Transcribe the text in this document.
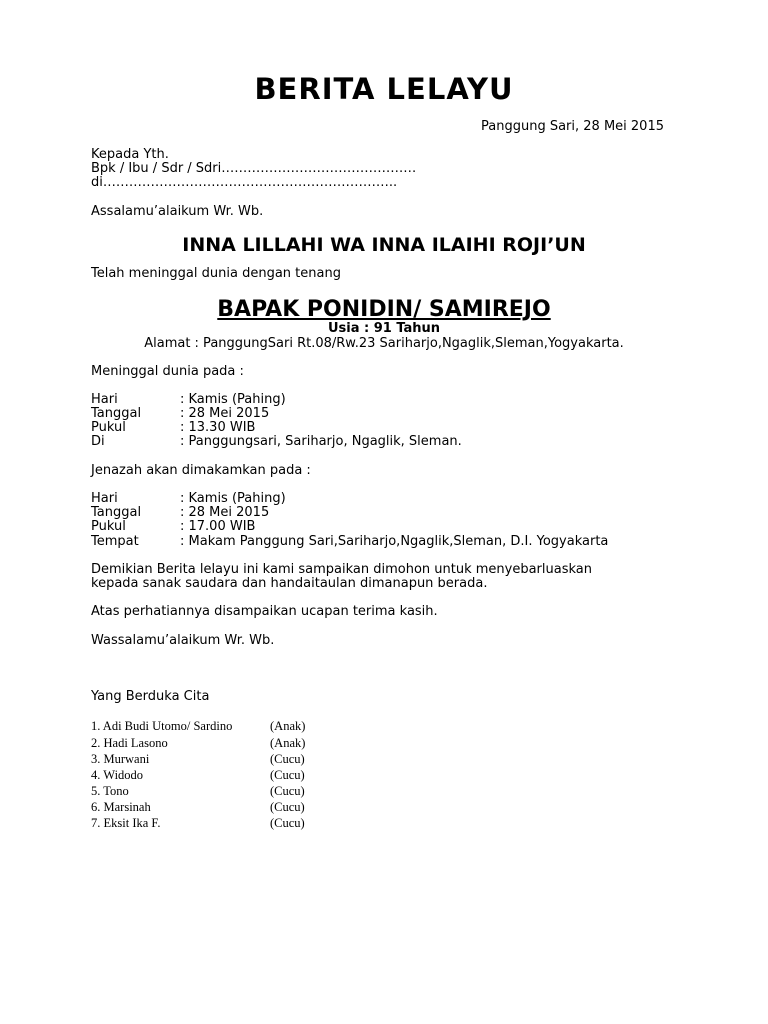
BERITA LELAYU
Panggung Sari, 28 Mei 2015
Kepada Yth.
Bpk / Ibu / Sdr / Sdri………………………………………
di…………………………………………………………..
Assalamu’alaikum Wr. Wb.
INNA LILLAHI WA INNA ILAIHI ROJI’UN
Telah meninggal dunia dengan tenang
BAPAK PONIDIN/ SAMIREJO
Usia : 91 Tahun
Alamat : PanggungSari Rt.08/Rw.23 Sariharjo,Ngaglik,Sleman,Yogyakarta.
Meninggal dunia pada :
Hari	: Kamis (Pahing)
Tanggal	: 28 Mei 2015
Pukul	: 13.30 WIB
Di	: Panggungsari, Sariharjo, Ngaglik, Sleman.
Jenazah akan dimakamkan pada :
Hari	: Kamis (Pahing)
Tanggal	: 28 Mei 2015
Pukul	: 17.00 WIB
Tempat	: Makam Panggung Sari,Sariharjo,Ngaglik,Sleman, D.I. Yogyakarta
Demikian Berita lelayu ini kami sampaikan dimohon untuk menyebarluaskan
kepada sanak saudara dan handaitaulan dimanapun berada.
Atas perhatiannya disampaikan ucapan terima kasih.
Wassalamu’alaikum Wr. Wb.
Yang Berduka Cita
1. Adi Budi Utomo/ Sardino	(Anak)
2. Hadi Lasono	(Anak)
3. Murwani	(Cucu)
4. Widodo	(Cucu)
5. Tono	(Cucu)
6. Marsinah	(Cucu)
7. Eksit Ika F.	(Cucu)
